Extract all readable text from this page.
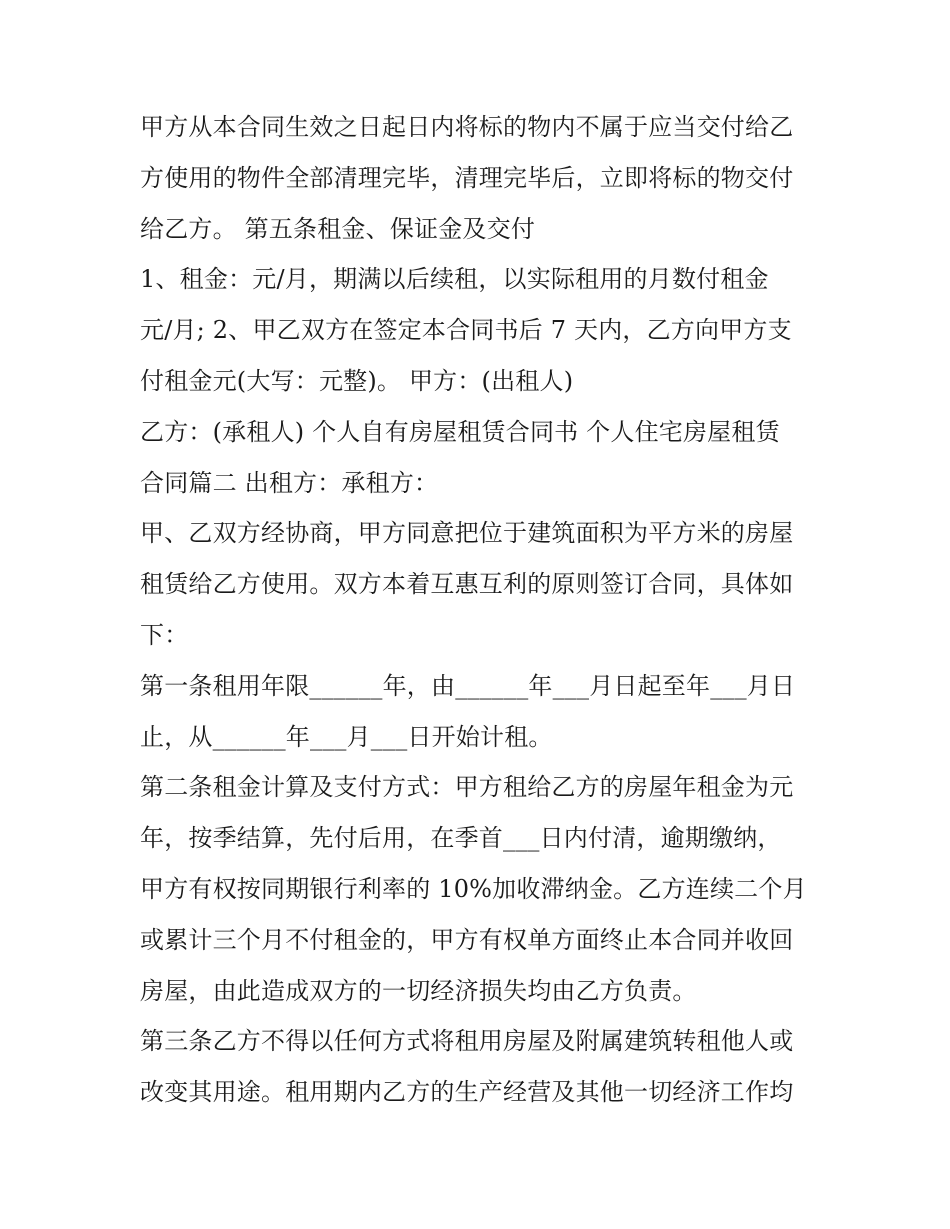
甲方从本合同生效之日起日内将标的物内不属于应当交付给乙

方使用的物件全部清理完毕，清理完毕后，立即将标的物交付

给乙方。 第五条租金、保证金及交付

1、租金：元/月，期满以后续租，以实际租用的月数付租金

元/月; 2、甲乙双方在签定本合同书后 7 天内，乙方向甲方支

付租金元(大写：元整)。 甲方：(出租人)

乙方：(承租人) 个人自有房屋租赁合同书 个人住宅房屋租赁

合同篇二 出租方：承租方：

甲、乙双方经协商，甲方同意把位于建筑面积为平方米的房屋

租赁给乙方使用。双方本着互惠互利的原则签订合同，具体如

下：

第一条租用年限______年，由______年___月日起至年___月日

止，从______年___月___日开始计租。

第二条租金计算及支付方式：甲方租给乙方的房屋年租金为元

年，按季结算，先付后用，在季首___日内付清，逾期缴纳，

甲方有权按同期银行利率的 10%加收滞纳金。乙方连续二个月

或累计三个月不付租金的，甲方有权单方面终止本合同并收回

房屋，由此造成双方的一切经济损失均由乙方负责。

第三条乙方不得以任何方式将租用房屋及附属建筑转租他人或

改变其用途。租用期内乙方的生产经营及其他一切经济工作均
